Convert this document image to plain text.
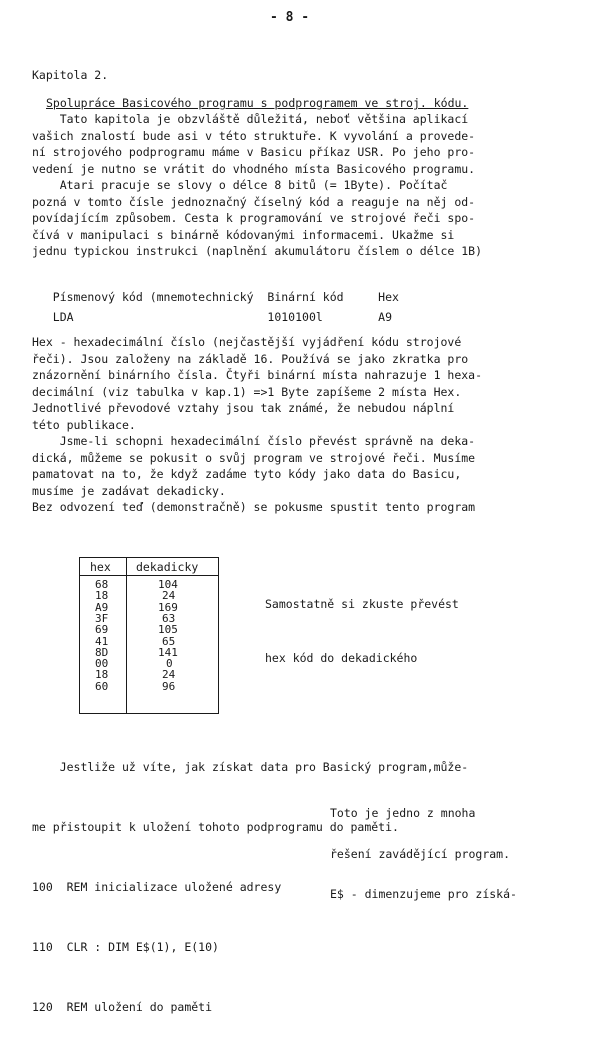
- 8 -
Kapitola 2.
Spolupráce Basicového programu s podprogramem ve stroj. kódu.
Tato kapitola je obzvláště důležitá, neboť většina aplikací
vašich znalostí bude asi v této struktuře. K vyvolání a provede-
ní strojového podprogramu máme v Basicu příkaz USR. Po jeho pro-
vedení je nutno se vrátit do vhodného místa Basicového programu.
Atari pracuje se slovy o délce 8 bitů (= 1Byte). Počítač
pozná v tomto čísle jednoznačný číselný kód a reaguje na něj od-
povídajícím způsobem. Cesta k programování ve strojové řeči spo-
čívá v manipulaci s binárně kódovanými informacemi. Ukažme si
jednu typickou instrukci (naplnění akumulátoru číslem o délce 1B)
Písmenový kód (mnemotechnický  Binární kód     Hex
LDA                            1010100l        A9
Hex - hexadecimální číslo (nejčastější vyjádření kódu strojové
řeči). Jsou založeny na základě 16. Používá se jako zkratka pro
znázornění binárního čísla. Čtyři binární místa nahrazuje 1 hexa-
decimální (viz tabulka v kap.1) =>1 Byte zapíšeme 2 místa Hex.
Jednotlivé převodové vztahy jsou tak známé, že nebudou náplní
této publikace.
Jsme-li schopni hexadecimální číslo převést správně na deka-
dická, můžeme se pokusit o svůj program ve strojové řeči. Musíme
pamatovat na to, že když zadáme tyto kódy jako data do Basicu,
musíme je zadávat dekadicky.
Bez odvození teď (demonstračně) se pokusme spustit tento program
hex dekadicky
68	104
18	24
A9	169
3F	63
69	105
41	65
8D	141
00	0
18	24
60	96

Samostatně si zkuste převést

hex kód do dekadického

Jestliže už víte, jak získat data pro Basický program,může-

me přistoupit k uložení tohoto podprogramu do paměti.

100  REM inicializace uložené adresy

110  CLR : DIM E$(1), E(10)

120  REM uložení do paměti

Toto je jedno z mnoha

řešení zavádějící program.

E$ - dimenzujeme pro získá-
